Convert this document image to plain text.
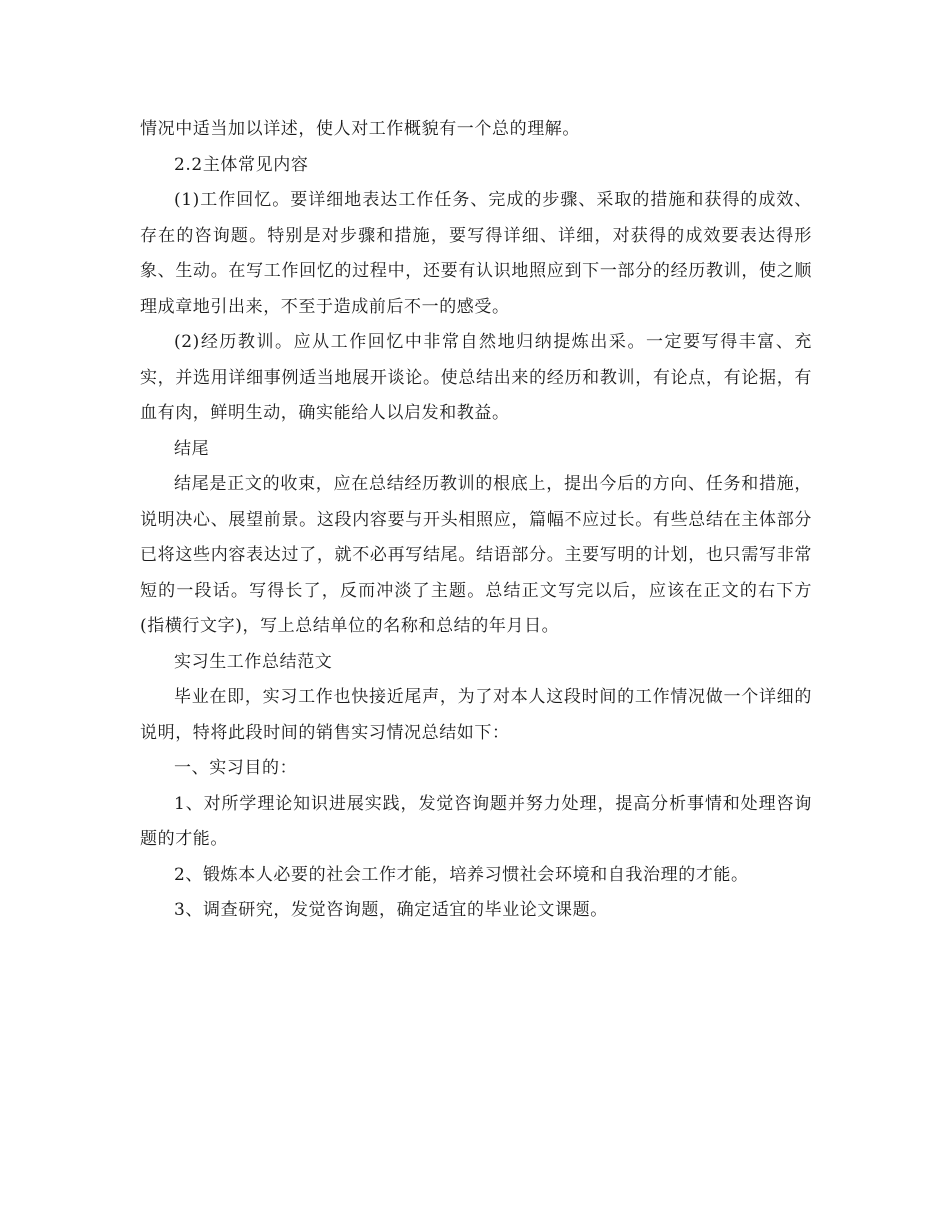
情况中适当加以详述，使人对工作概貌有一个总的理解。

2.2主体常见内容

(1)工作回忆。要详细地表达工作任务、完成的步骤、采取的措施和获得的成效、存在的咨询题。特别是对步骤和措施，要写得详细、详细，对获得的成效要表达得形象、生动。在写工作回忆的过程中，还要有认识地照应到下一部分的经历教训，使之顺理成章地引出来，不至于造成前后不一的感受。

(2)经历教训。应从工作回忆中非常自然地归纳提炼出采。一定要写得丰富、充实，并选用详细事例适当地展开谈论。使总结出来的经历和教训，有论点，有论据，有血有肉，鲜明生动，确实能给人以启发和教益。

结尾

结尾是正文的收束，应在总结经历教训的根底上，提出今后的方向、任务和措施，说明决心、展望前景。这段内容要与开头相照应，篇幅不应过长。有些总结在主体部分已将这些内容表达过了，就不必再写结尾。结语部分。主要写明的计划，也只需写非常短的一段话。写得长了，反而冲淡了主题。总结正文写完以后，应该在正文的右下方(指横行文字)，写上总结单位的名称和总结的年月日。

实习生工作总结范文

毕业在即，实习工作也快接近尾声，为了对本人这段时间的工作情况做一个详细的说明，特将此段时间的销售实习情况总结如下：

一、实习目的：

1、对所学理论知识进展实践，发觉咨询题并努力处理，提高分析事情和处理咨询题的才能。

2、锻炼本人必要的社会工作才能，培养习惯社会环境和自我治理的才能。

3、调查研究，发觉咨询题，确定适宜的毕业论文课题。
